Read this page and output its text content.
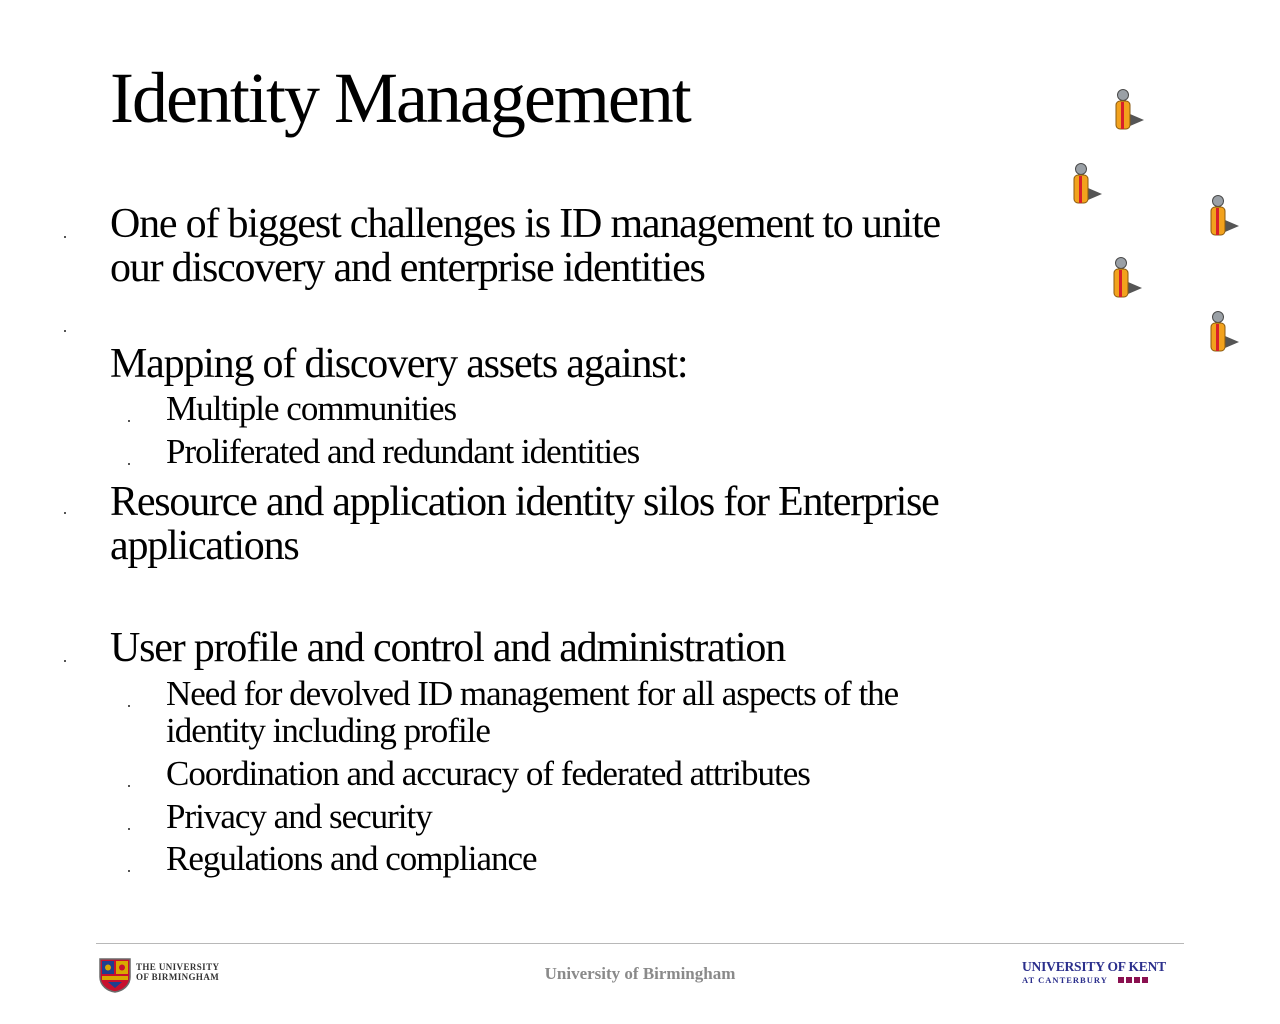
Identity Management
One of biggest challenges is ID management to unite
our discovery and enterprise identities
Mapping of discovery assets against:
Multiple communities
Proliferated and redundant identities
Resource and application identity silos for Enterprise
applications
User profile and control and administration
Need for devolved ID management for all aspects of the
identity including profile
Coordination and accuracy of federated attributes
Privacy and security
Regulations and compliance
THE UNIVERSITY
OF BIRMINGHAM	University of Birmingham	UNIVERSITY OF KENT
AT CANTERBURY
